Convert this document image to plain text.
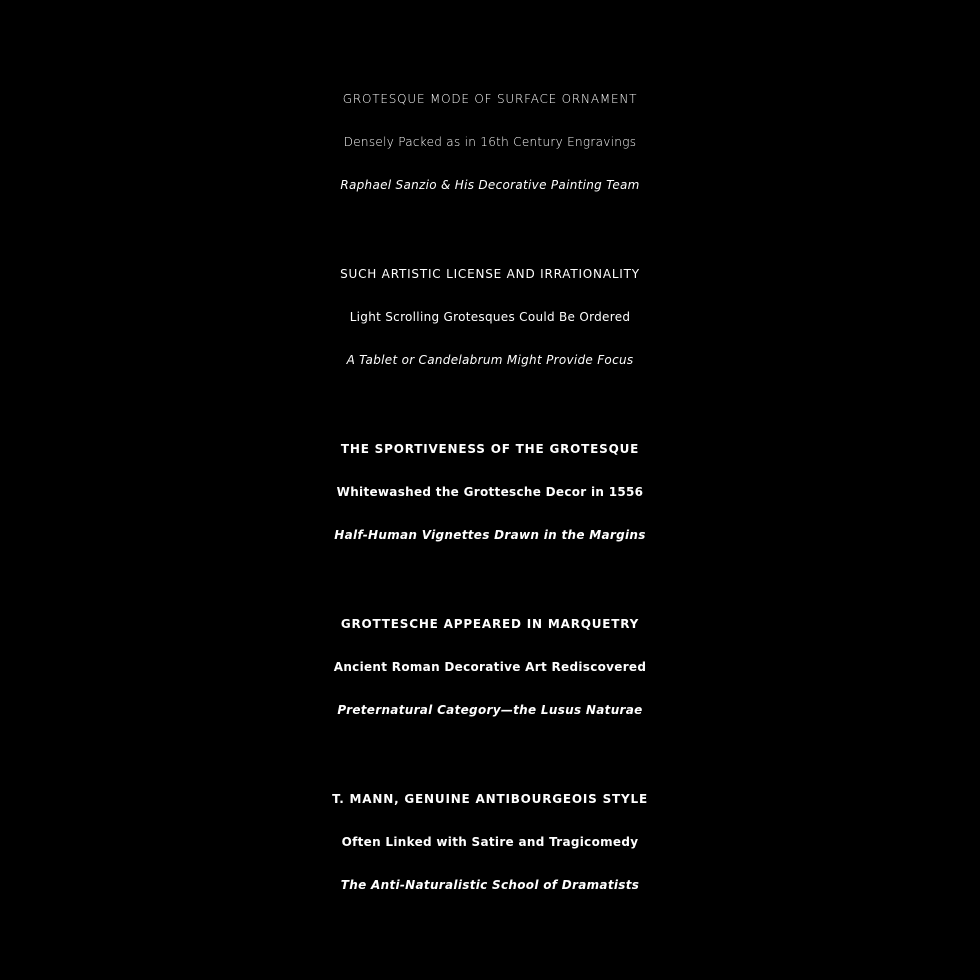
GROTESQUE MODE OF SURFACE ORNAMENT
Densely Packed as in 16th Century Engravings
Raphael Sanzio & His Decorative Painting Team
SUCH ARTISTIC LICENSE AND IRRATIONALITY
Light Scrolling Grotesques Could Be Ordered
A Tablet or Candelabrum Might Provide Focus
THE SPORTIVENESS OF THE GROTESQUE
Whitewashed the Grottesche Decor in 1556
Half-Human Vignettes Drawn in the Margins
GROTTESCHE APPEARED IN MARQUETRY
Ancient Roman Decorative Art Rediscovered
Preternatural Category—the Lusus Naturae
T. MANN, GENUINE ANTIBOURGEOIS STYLE
Often Linked with Satire and Tragicomedy
The Anti-Naturalistic School of Dramatists
